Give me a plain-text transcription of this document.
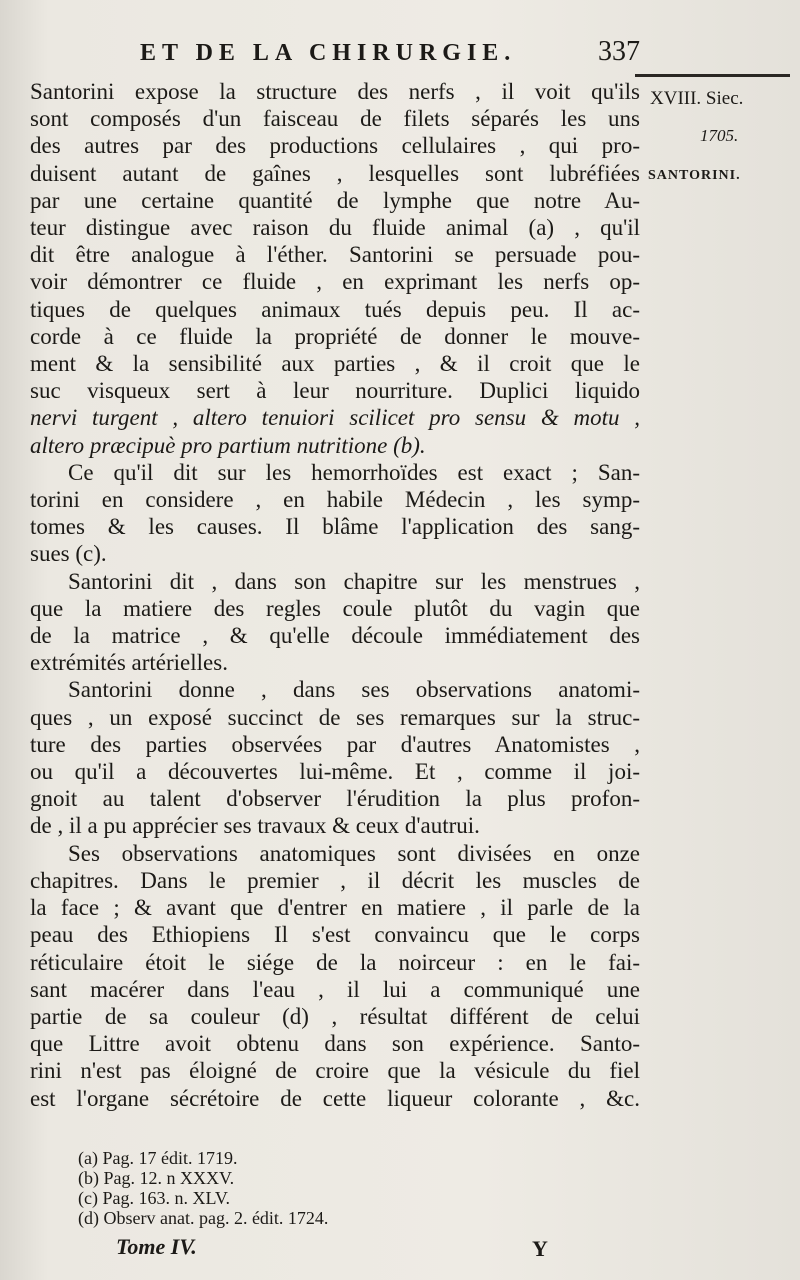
ET DE LA CHIRURGIE.	337
XVIII. Siec.
1705.
SANTORINI.
Santorini expose la structure des nerfs , il voit qu'ils
sont composés d'un faisceau de filets séparés les uns
des autres par des productions cellulaires , qui pro-
duisent autant de gaînes , lesquelles sont lubréfiées
par une certaine quantité de lymphe que notre Au-
teur distingue avec raison du fluide animal (a) , qu'il
dit être analogue à l'éther. Santorini se persuade pou-
voir démontrer ce fluide , en exprimant les nerfs op-
tiques de quelques animaux tués depuis peu. Il ac-
corde à ce fluide la propriété de donner le mouve-
ment & la sensibilité aux parties , & il croit que le
suc visqueux sert à leur nourriture. Duplici liquido
nervi turgent , altero tenuiori scilicet pro sensu & motu ,
altero præcipuè pro partium nutritione (b).
Ce qu'il dit sur les hemorrhoïdes est exact ; San-
torini en considere , en habile Médecin , les symp-
tomes & les causes. Il blâme l'application des sang-
sues (c).
Santorini dit , dans son chapitre sur les menstrues ,
que la matiere des regles coule plutôt du vagin que
de la matrice , & qu'elle découle immédiatement des
extrémités artérielles.
Santorini donne , dans ses observations anatomi-
ques , un exposé succinct de ses remarques sur la struc-
ture des parties observées par d'autres Anatomistes ,
ou qu'il a découvertes lui-même. Et , comme il joi-
gnoit au talent d'observer l'érudition la plus profon-
de , il a pu apprécier ses travaux & ceux d'autrui.
Ses observations anatomiques sont divisées en onze
chapitres. Dans le premier , il décrit les muscles de
la face ; & avant que d'entrer en matiere , il parle de la
peau des Ethiopiens Il s'est convaincu que le corps
réticulaire étoit le siége de la noirceur : en le fai-
sant macérer dans l'eau , il lui a communiqué une
partie de sa couleur (d) , résultat différent de celui
que Littre avoit obtenu dans son expérience. Santo-
rini n'est pas éloigné de croire que la vésicule du fiel
est l'organe sécrétoire de cette liqueur colorante , &c.
(a) Pag. 17 édit. 1719.
(b) Pag. 12. n XXXV.
(c) Pag. 163. n. XLV.
(d) Observ anat. pag. 2. édit. 1724.
Tome IV.	Y
